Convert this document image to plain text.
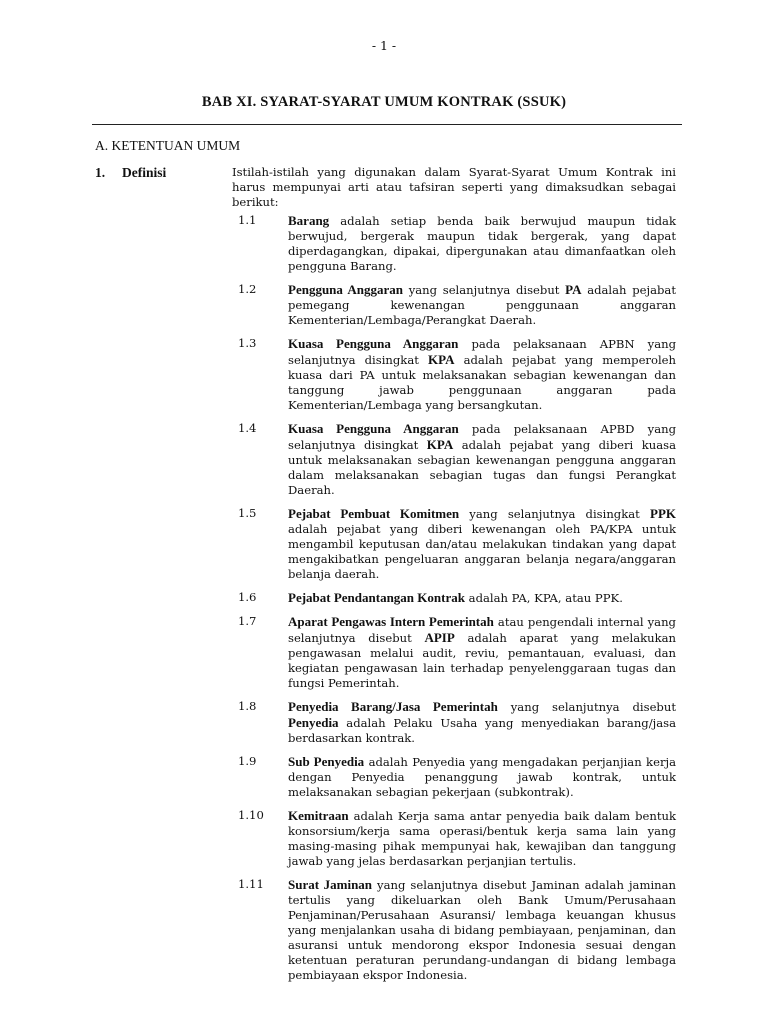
- 1 -
BAB XI. SYARAT-SYARAT UMUM KONTRAK (SSUK)
A. KETENTUAN UMUM
1. Definisi	Istilah-istilah yang digunakan dalam Syarat-Syarat Umum Kontrak ini harus mempunyai arti atau tafsiran seperti yang dimaksudkan sebagai berikut:
1.1	Barang adalah setiap benda baik berwujud maupun tidak berwujud, bergerak maupun tidak bergerak, yang dapat diperdagangkan, dipakai, dipergunakan atau dimanfaatkan oleh pengguna Barang.
1.2	Pengguna Anggaran yang selanjutnya disebut PA adalah pejabat pemegang kewenangan penggunaan anggaran Kementerian/Lembaga/Perangkat Daerah.
1.3	Kuasa Pengguna Anggaran pada pelaksanaan APBN yang selanjutnya disingkat KPA adalah pejabat yang memperoleh kuasa dari PA untuk melaksanakan sebagian kewenangan dan tanggung jawab penggunaan anggaran pada Kementerian/Lembaga yang bersangkutan.
1.4	Kuasa Pengguna Anggaran pada pelaksanaan APBD yang selanjutnya disingkat KPA adalah pejabat yang diberi kuasa untuk melaksanakan sebagian kewenangan pengguna anggaran dalam melaksanakan sebagian tugas dan fungsi Perangkat Daerah.
1.5	Pejabat Pembuat Komitmen yang selanjutnya disingkat PPK adalah pejabat yang diberi kewenangan oleh PA/KPA untuk mengambil keputusan dan/atau melakukan tindakan yang dapat mengakibatkan pengeluaran anggaran belanja negara/anggaran belanja daerah.
1.6	Pejabat Pendantangan Kontrak adalah PA, KPA, atau PPK.
1.7	Aparat Pengawas Intern Pemerintah atau pengendali internal yang selanjutnya disebut APIP adalah aparat yang melakukan pengawasan melalui audit, reviu, pemantauan, evaluasi, dan kegiatan pengawasan lain terhadap penyelenggaraan tugas dan fungsi Pemerintah.
1.8	Penyedia Barang/Jasa Pemerintah yang selanjutnya disebut Penyedia adalah Pelaku Usaha yang menyediakan barang/jasa berdasarkan kontrak.
1.9	Sub Penyedia adalah Penyedia yang mengadakan perjanjian kerja dengan Penyedia penanggung jawab kontrak, untuk melaksanakan sebagian pekerjaan (subkontrak).
1.10	Kemitraan adalah Kerja sama antar penyedia baik dalam bentuk konsorsium/kerja sama operasi/bentuk kerja sama lain yang masing-masing pihak mempunyai hak, kewajiban dan tanggung jawab yang jelas berdasarkan perjanjian tertulis.
1.11	Surat Jaminan yang selanjutnya disebut Jaminan adalah jaminan tertulis yang dikeluarkan oleh Bank Umum/Perusahaan Penjaminan/Perusahaan Asuransi/ lembaga keuangan khusus yang menjalankan usaha di bidang pembiayaan, penjaminan, dan asuransi untuk mendorong ekspor Indonesia sesuai dengan ketentuan peraturan perundang-undangan di bidang lembaga pembiayaan ekspor Indonesia.
